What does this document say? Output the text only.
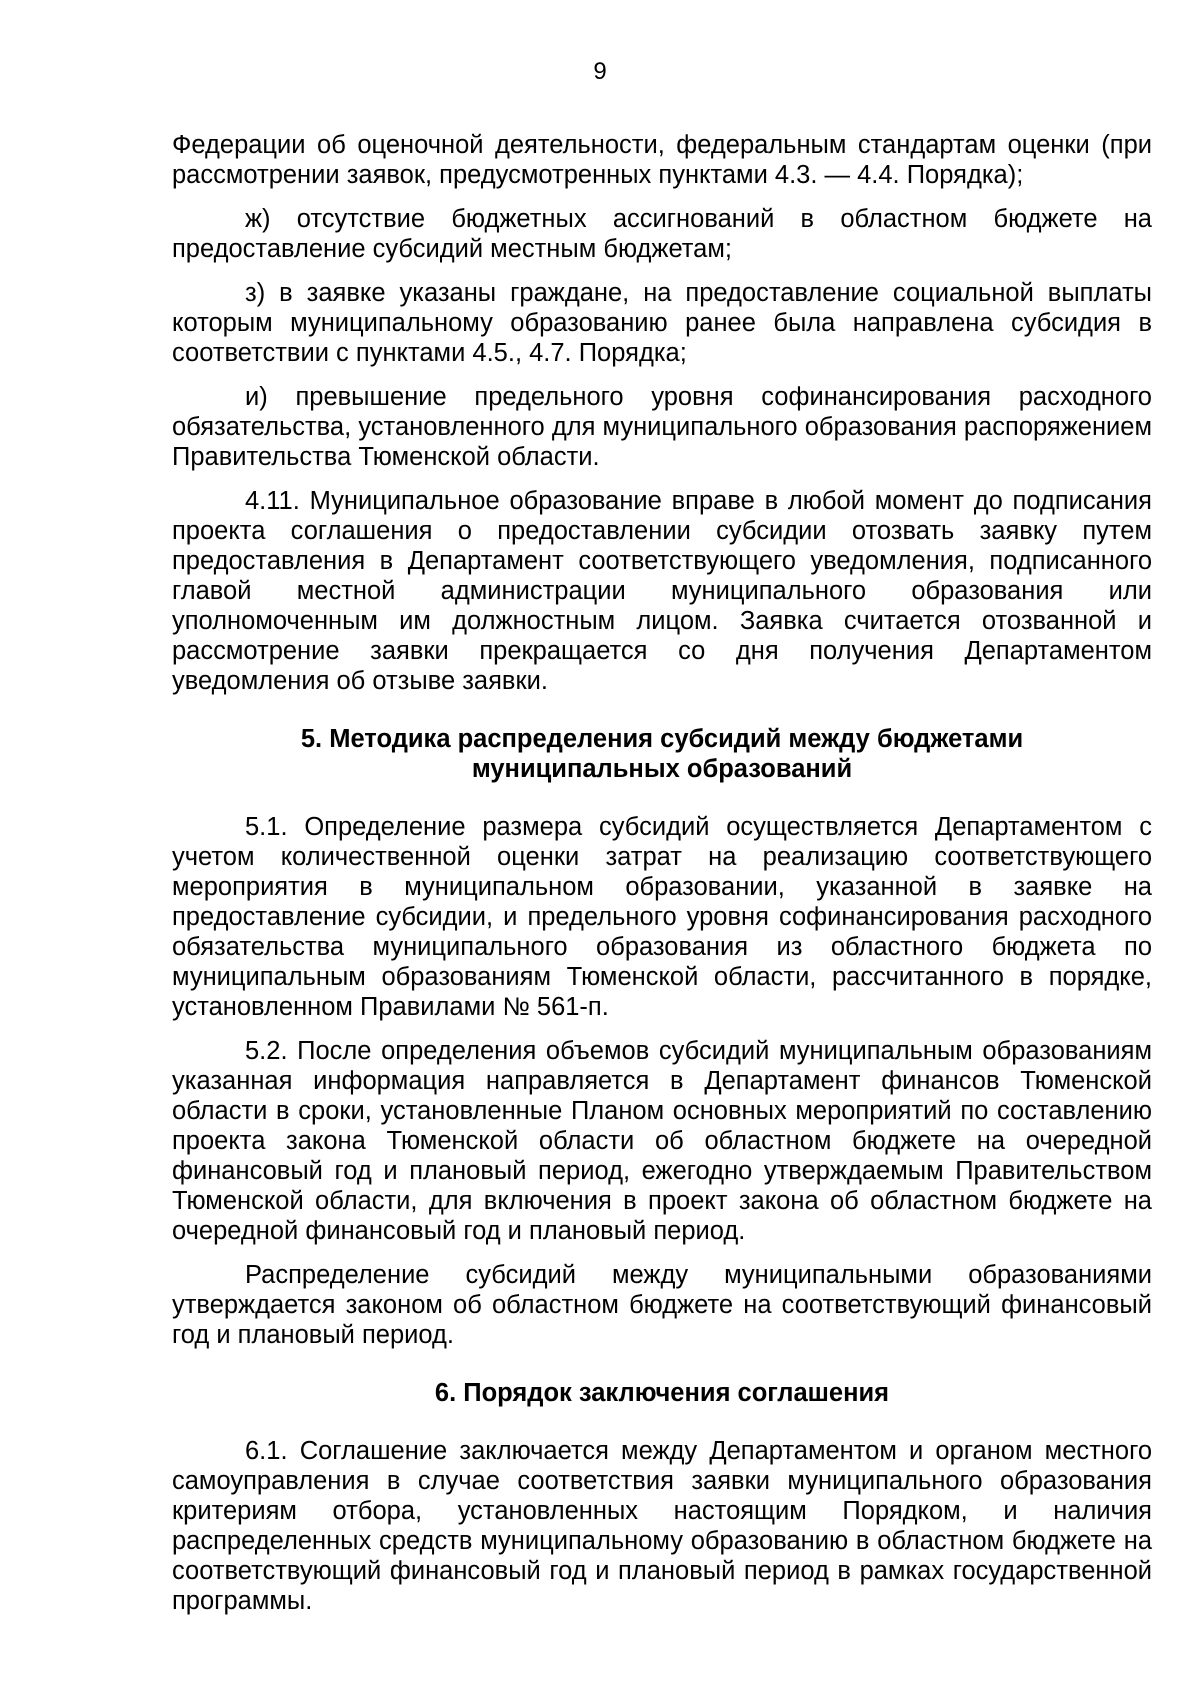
9

Федерации об оценочной деятельности, федеральным стандартам оценки (при рассмотрении заявок, предусмотренных пунктами 4.3. — 4.4. Порядка);

ж) отсутствие бюджетных ассигнований в областном бюджете на предоставление субсидий местным бюджетам;

з) в заявке указаны граждане, на предоставление социальной выплаты которым муниципальному образованию ранее была направлена субсидия в соответствии с пунктами 4.5., 4.7. Порядка;

и) превышение предельного уровня софинансирования расходного обязательства, установленного для муниципального образования распоряжением Правительства Тюменской области.

4.11. Муниципальное образование вправе в любой момент до подписания проекта соглашения о предоставлении субсидии отозвать заявку путем предоставления в Департамент соответствующего уведомления, подписанного главой местной администрации муниципального образования или уполномоченным им должностным лицом. Заявка считается отозванной и рассмотрение заявки прекращается со дня получения Департаментом уведомления об отзыве заявки.

5. Методика распределения субсидий между бюджетами
муниципальных образований

5.1. Определение размера субсидий осуществляется Департаментом с учетом количественной оценки затрат на реализацию соответствующего мероприятия в муниципальном образовании, указанной в заявке на предоставление субсидии, и предельного уровня софинансирования расходного обязательства муниципального образования из областного бюджета по муниципальным образованиям Тюменской области, рассчитанного в порядке, установленном Правилами № 561-п.

5.2. После определения объемов субсидий муниципальным образованиям указанная информация направляется в Департамент финансов Тюменской области в сроки, установленные Планом основных мероприятий по составлению проекта закона Тюменской области об областном бюджете на очередной финансовый год и плановый период, ежегодно утверждаемым Правительством Тюменской области, для включения в проект закона об областном бюджете на очередной финансовый год и плановый период.

Распределение субсидий между муниципальными образованиями утверждается законом об областном бюджете на соответствующий финансовый год и плановый период.

6. Порядок заключения соглашения

6.1. Соглашение заключается между Департаментом и органом местного самоуправления в случае соответствия заявки муниципального образования критериям отбора, установленных настоящим Порядком, и наличия распределенных средств муниципальному образованию в областном бюджете на соответствующий финансовый год и плановый период в рамках государственной программы.
